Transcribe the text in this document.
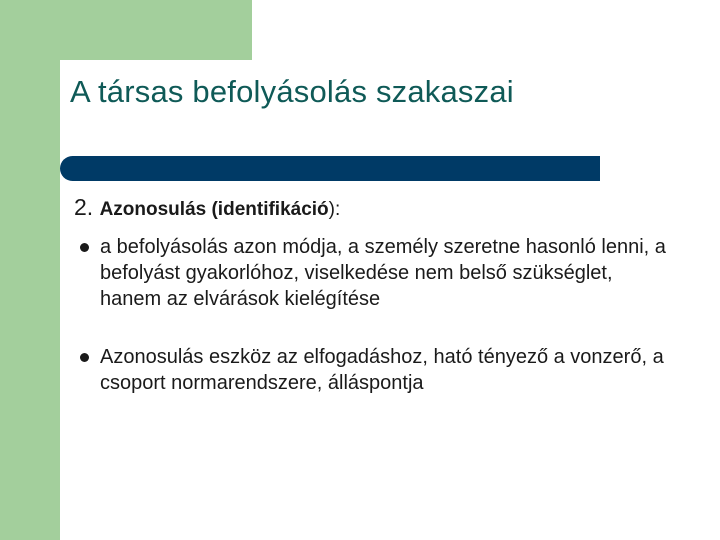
A társas befolyásolás szakaszai

2. Azonosulás (identifikáció):

a befolyásolás azon módja, a személy szeretne hasonló lenni, a befolyást gyakorlóhoz, viselkedése nem belső szükséglet, hanem az elvárások kielégítése
Azonosulás eszköz az elfogadáshoz, ható tényező a vonzerő, a csoport normarendszere, álláspontja
